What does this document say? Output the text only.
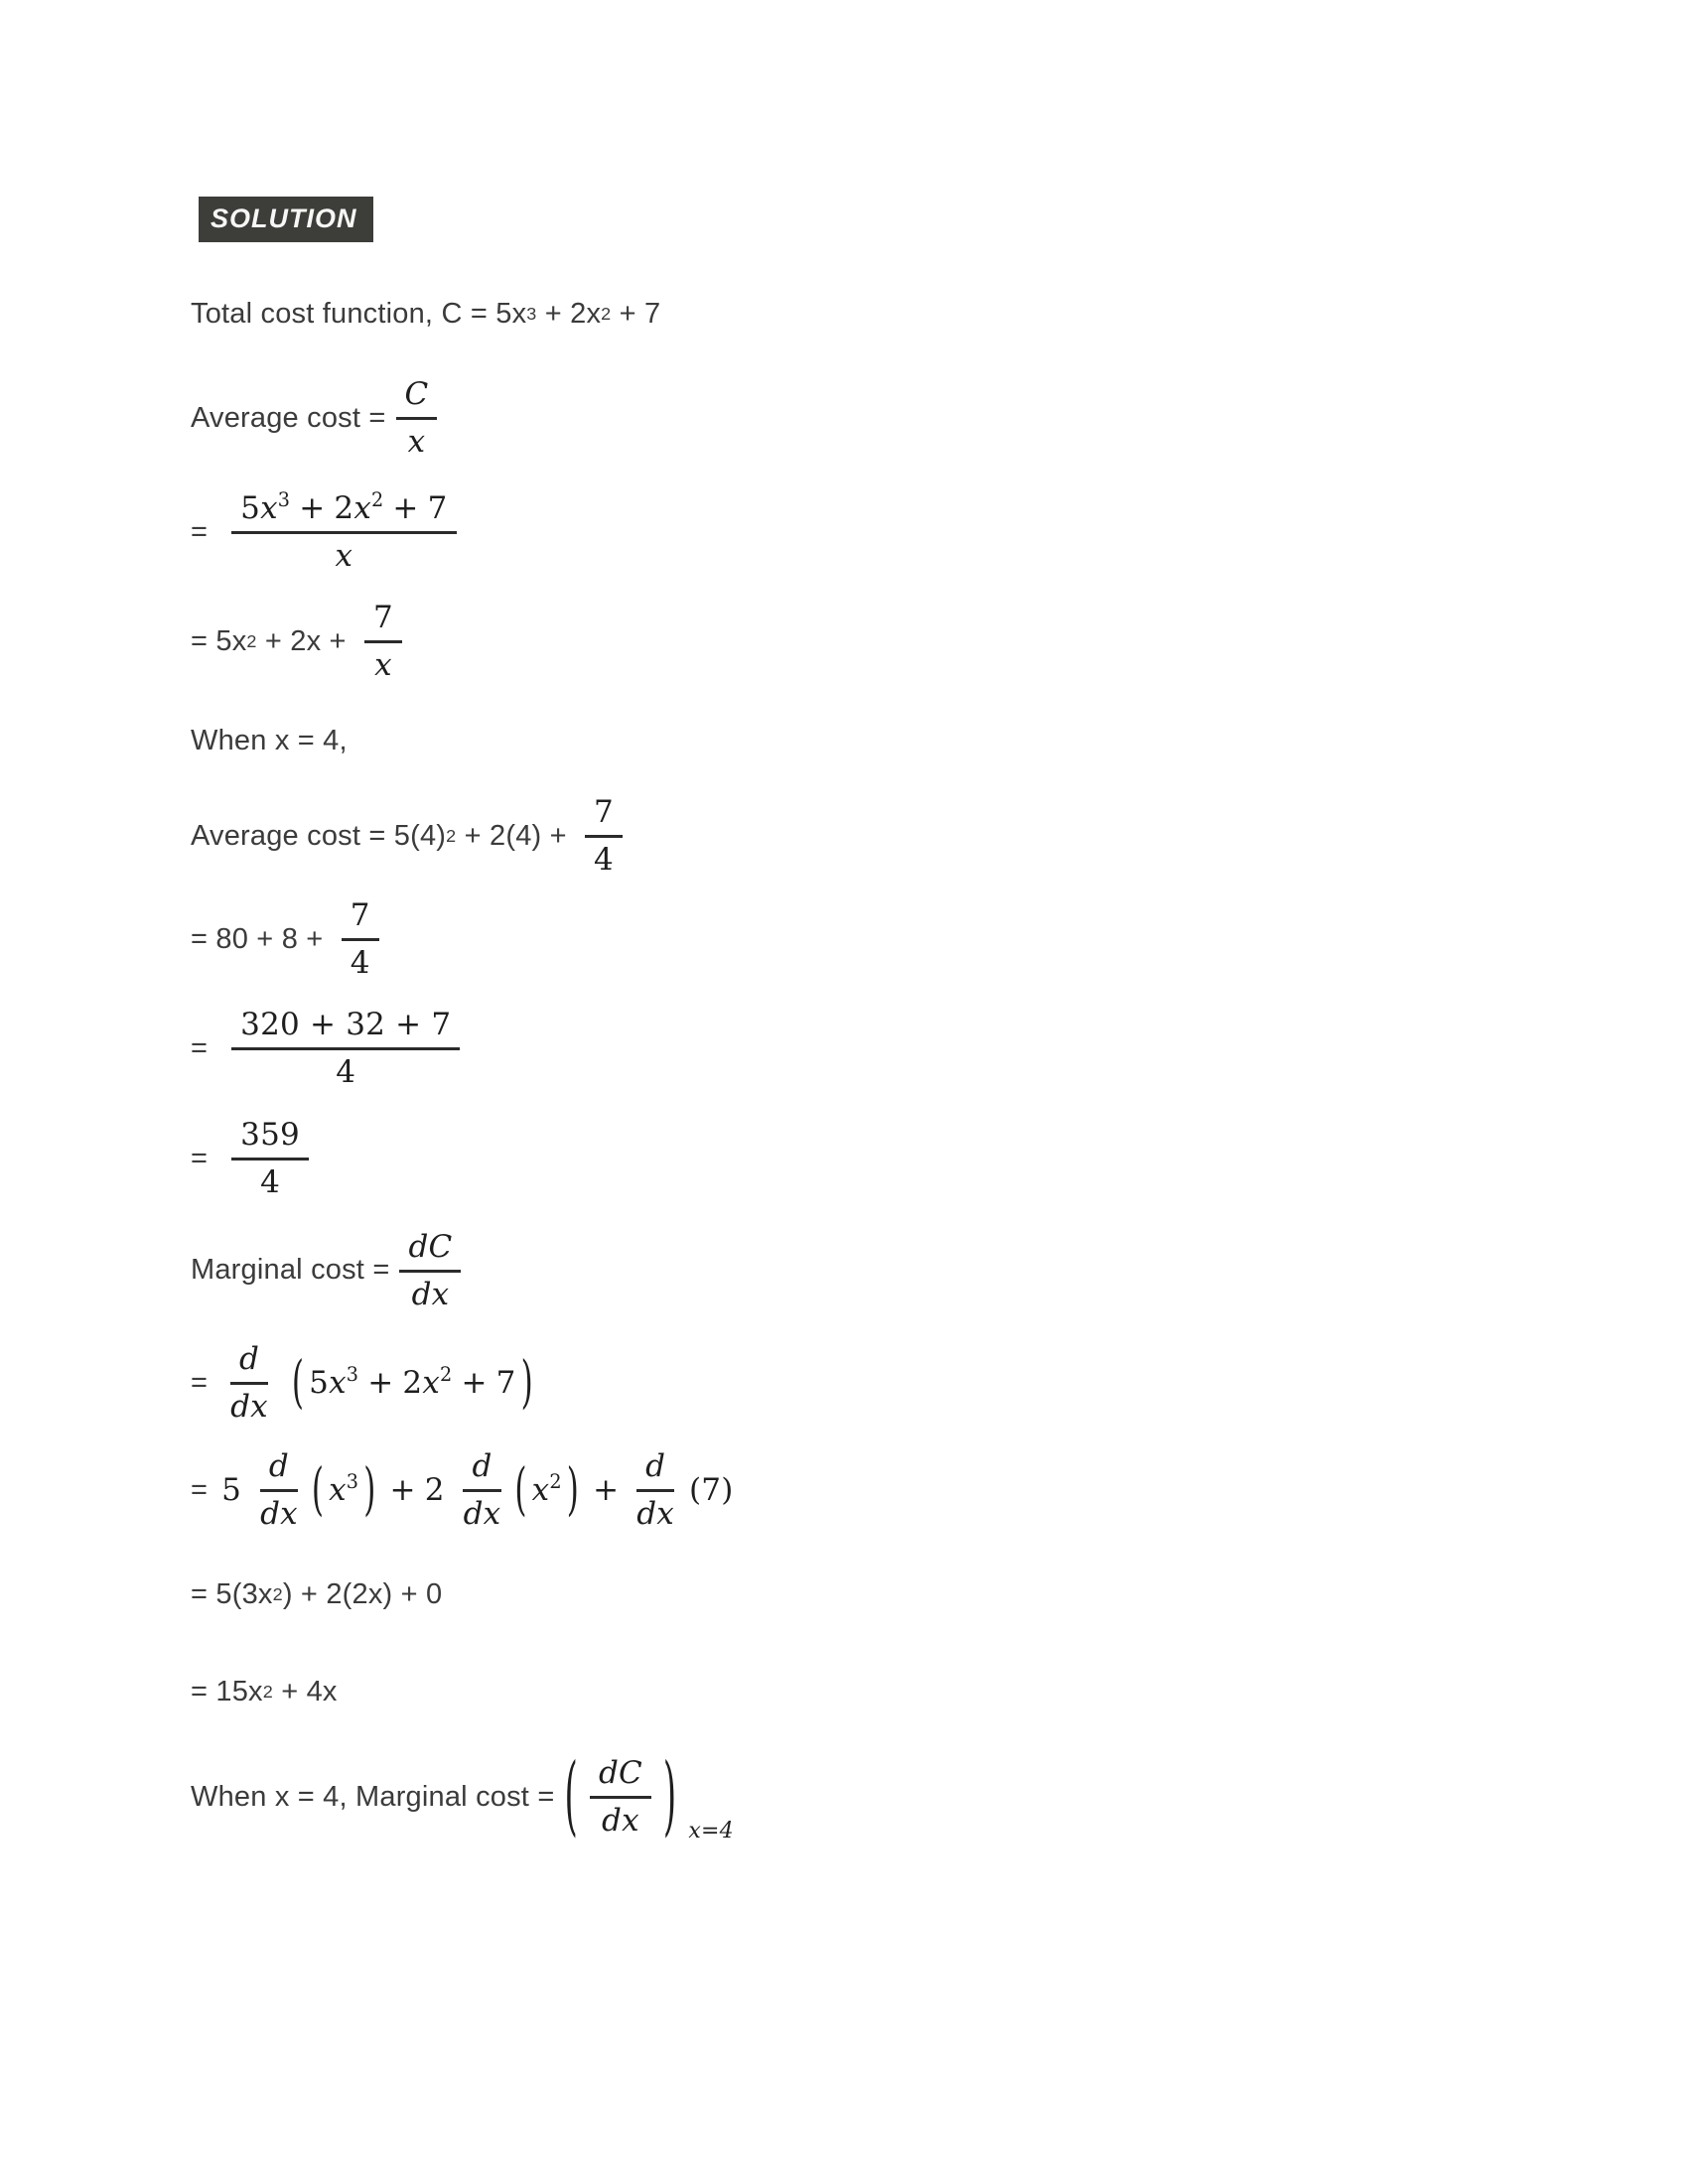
SOLUTION
Total cost function, C = 5x 3 + 2x 2 + 7
Average $\cos t = \frac{C}{x}$
= $\frac{5x^3 + 2x^2 + 7}{x}$
= 5x $2 + 2x + \frac{7}{x}$
When x = 4,
Average cost = 5(4) $2 + 2(4) + \frac{7}{4}$
= $80 + 8 + \frac{7}{4}$
= $\frac{320 + 32 + 7}{4}$
= $\frac{359}{4}$
Marginal $\cos t = \frac{dC}{dx}$
= $\frac{d}{dx}$ ( $5x^3 + 2x^2 + 7$ )
= $5 \frac{d}{dx}$ ( $x^3$ ) + $2 \frac{d}{dx}$ ( $x^2$ ) + $\frac{d}{dx} (7)$
= 5(3x 2 ) + 2(2x) + 0
= 15x 2 + 4x
When x = 4, Marginal cost = ( $\frac{dC}{dx}$ ) x=4
